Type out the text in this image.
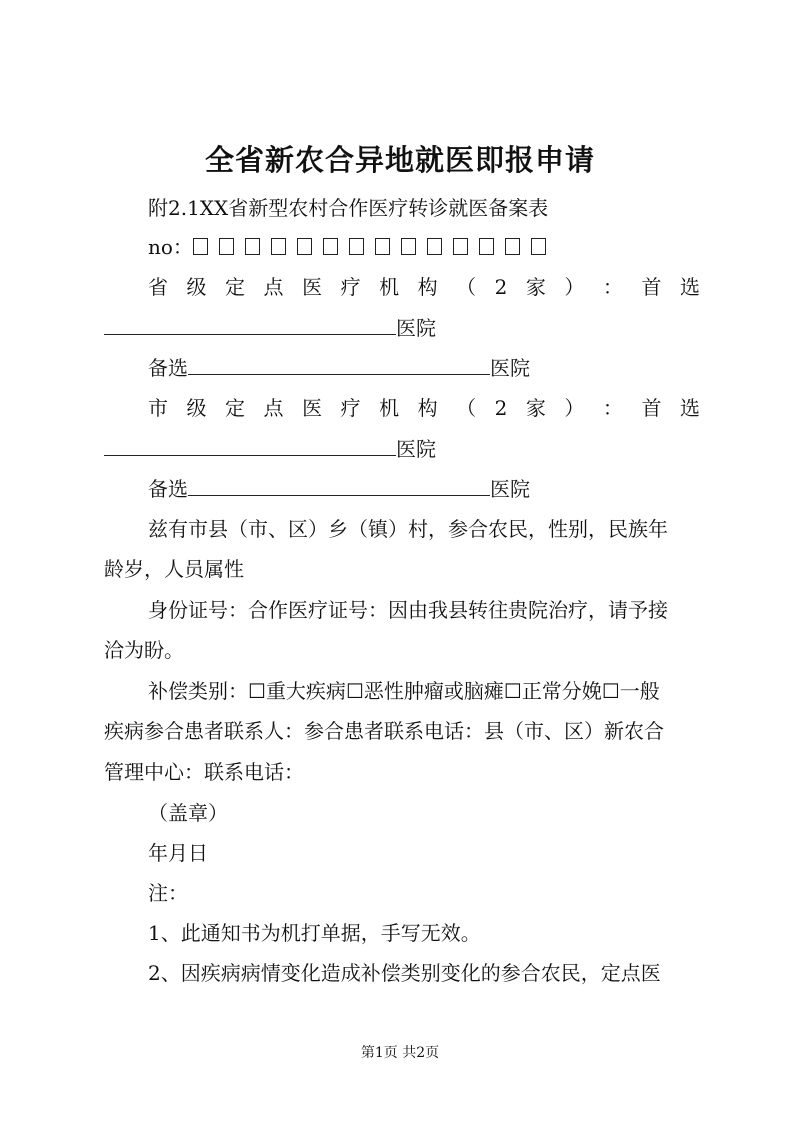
全省新农合异地就医即报申请
附2.1XX省新型农村合作医疗转诊就医备案表
no：
省 级 定 点 医 疗 机 构 （ 2 家 ） ： 首 选
医院
备选	医院
市 级 定 点 医 疗 机 构 （ 2 家 ） ： 首 选
医院
备选	医院
兹有市县（市、区）乡（镇）村，参合农民，性别，民族年
龄岁，人员属性
身份证号：合作医疗证号：因由我县转往贵院治疗，请予接
洽为盼。
补偿类别：☐重大疾病☐恶性肿瘤或脑瘫☐正常分娩☐一般
疾病参合患者联系人：参合患者联系电话：县（市、区）新农合
管理中心：联系电话：
（盖章）
年月日
注：
1、此通知书为机打单据，手写无效。
2、因疾病病情变化造成补偿类别变化的参合农民，定点医
第1页 共2页
